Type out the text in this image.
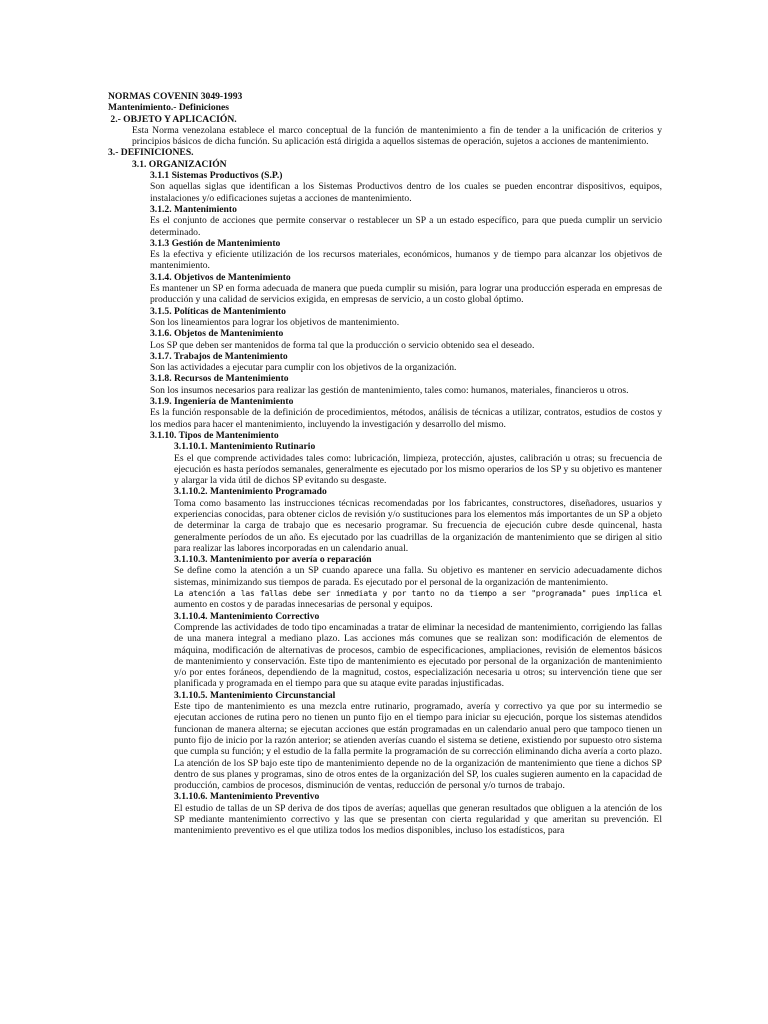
NORMAS COVENIN 3049-1993
Mantenimiento.- Definiciones
2.- OBJETO Y APLICACIÓN.
Esta Norma venezolana establece el marco conceptual de la función de mantenimiento a fin de tender a la unificación de criterios y principios básicos de dicha función. Su aplicación está dirigida a aquellos sistemas de operación, sujetos a acciones de mantenimiento.
3.- DEFINICIONES.
3.1. ORGANIZACIÓN
3.1.1 Sistemas Productivos (S.P.)
Son aquellas siglas que identifican a los Sistemas Productivos dentro de los cuales se pueden encontrar dispositivos, equipos, instalaciones y/o edificaciones sujetas a acciones de mantenimiento.
3.1.2. Mantenimiento
Es el conjunto de acciones que permite conservar o restablecer un SP a un estado específico, para que pueda cumplir un servicio determinado.
3.1.3 Gestión de Mantenimiento
Es la efectiva y eficiente utilización de los recursos materiales, económicos, humanos y de tiempo para alcanzar los objetivos de mantenimiento.
3.1.4. Objetivos de Mantenimiento
Es mantener un SP en forma adecuada de manera que pueda cumplir su misión, para lograr una producción esperada en empresas de producción y una calidad de servicios exigida, en empresas de servicio, a un costo global óptimo.
3.1.5. Políticas de Mantenimiento
Son los lineamientos para lograr los objetivos de mantenimiento.
3.1.6. Objetos de Mantenimiento
Los SP que deben ser mantenidos de forma tal que la producción o servicio obtenido sea el deseado.
3.1.7. Trabajos de Mantenimiento
Son las actividades a ejecutar para cumplir con los objetivos de la organización.
3.1.8. Recursos de Mantenimiento
Son los insumos necesarios para realizar las gestión de mantenimiento, tales como: humanos, materiales, financieros u otros.
3.1.9. Ingeniería de Mantenimiento
Es la función responsable de la definición de procedimientos, métodos, análisis de técnicas a utilizar, contratos, estudios de costos y los medios para hacer el mantenimiento, incluyendo la investigación y desarrollo del mismo.
3.1.10. Tipos de Mantenimiento
3.1.10.1. Mantenimiento Rutinario
Es el que comprende actividades tales como: lubricación, limpieza, protección, ajustes, calibración u otras; su frecuencia de ejecución es hasta períodos semanales, generalmente es ejecutado por los mismo operarios de los SP y su objetivo es mantener y alargar la vida útil de dichos SP evitando su desgaste.
3.1.10.2. Mantenimiento Programado
Toma como basamento las instrucciones técnicas recomendadas por los fabricantes, constructores, diseñadores, usuarios y experiencias conocidas, para obtener ciclos de revisión y/o sustituciones para los elementos más importantes de un SP a objeto de determinar la carga de trabajo que es necesario programar. Su frecuencia de ejecución cubre desde quincenal, hasta generalmente períodos de un año. Es ejecutado por las cuadrillas de la organización de mantenimiento que se dirigen al sitio para realizar las labores incorporadas en un calendario anual.
3.1.10.3. Mantenimiento por avería o reparación
Se define como la atención a un SP cuando aparece una falla. Su objetivo es mantener en servicio adecuadamente dichos sistemas, minimizando sus tiempos de parada. Es ejecutado por el personal de la organización de mantenimiento.
La atención a las fallas debe ser inmediata y por tanto no da tiempo a ser "programada" pues implica el aumento en costos y de paradas innecesarias de personal y equipos.
3.1.10.4. Mantenimiento Correctivo
Comprende las actividades de todo tipo encaminadas a tratar de eliminar la necesidad de mantenimiento, corrigiendo las fallas de una manera integral a mediano plazo. Las acciones más comunes que se realizan son: modificación de elementos de máquina, modificación de alternativas de procesos, cambio de especificaciones, ampliaciones, revisión de elementos básicos de mantenimiento y conservación. Este tipo de mantenimiento es ejecutado por personal de la organización de mantenimiento y/o por entes foráneos, dependiendo de la magnitud, costos, especialización necesaria u otros; su intervención tiene que ser planificada y programada en el tiempo para que su ataque evite paradas injustificadas.
3.1.10.5. Mantenimiento Circunstancial
Este tipo de mantenimiento es una mezcla entre rutinario, programado, avería y correctivo ya que por su intermedio se ejecutan acciones de rutina pero no tienen un punto fijo en el tiempo para iniciar su ejecución, porque los sistemas atendidos funcionan de manera alterna; se ejecutan acciones que están programadas en un calendario anual pero que tampoco tienen un punto fijo de inicio por la razón anterior; se atienden averías cuando el sistema se detiene, existiendo por supuesto otro sistema que cumpla su función; y el estudio de la falla permite la programación de su corrección eliminando dicha avería a corto plazo. La atención de los SP bajo este tipo de mantenimiento depende no de la organización de mantenimiento que tiene a dichos SP dentro de sus planes y programas, sino de otros entes de la organización del SP, los cuales sugieren aumento en la capacidad de producción, cambios de procesos, disminución de ventas, reducción de personal y/o turnos de trabajo.
3.1.10.6. Mantenimiento Preventivo
El estudio de tallas de un SP deriva de dos tipos de averías; aquellas que generan resultados que obliguen a la atención de los SP mediante mantenimiento correctivo y las que se presentan con cierta regularidad y que ameritan su prevención. El mantenimiento preventivo es el que utiliza todos los medios disponibles, incluso los estadísticos, para
